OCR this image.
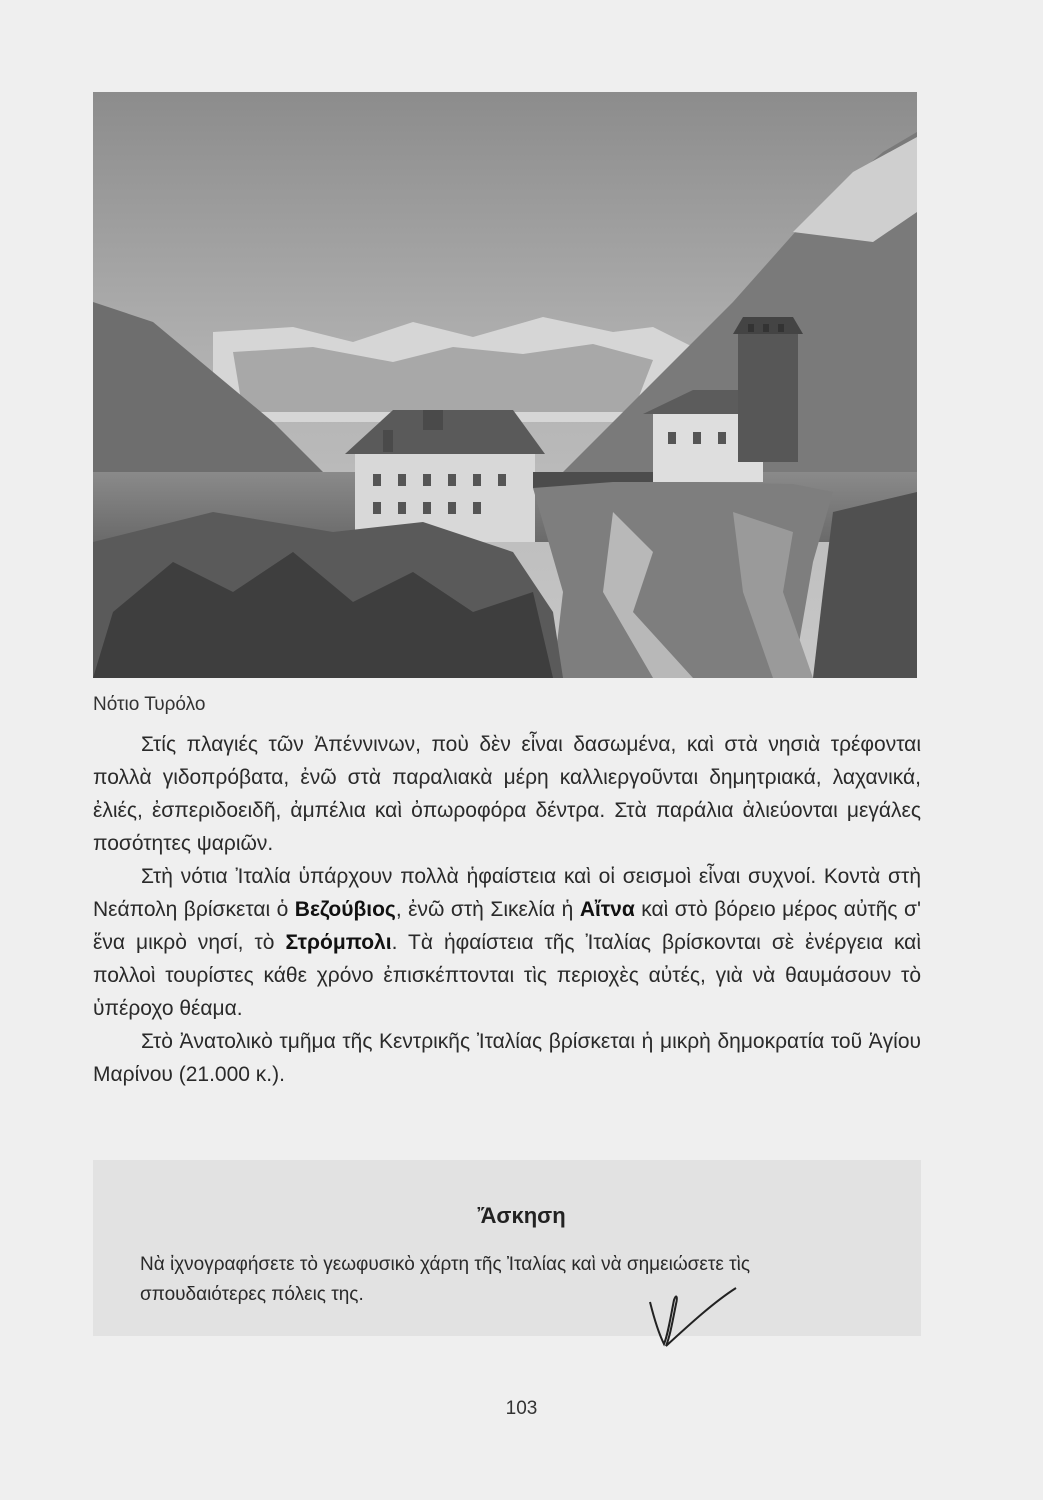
Νότιο Τυρόλο

Στίς πλαγιές τῶν Ἀπέννινων, ποὺ δὲν εἶναι δασωμένα, καὶ στὰ νησιὰ τρέφονται πολλὰ γιδοπρόβατα, ἐνῶ στὰ παραλιακὰ μέρη καλλιεργοῦνται δημητριακά, λαχανικά, ἐλιές, ἐσπεριδοειδῆ, ἀμπέλια καὶ ὀπωροφόρα δέντρα. Στὰ παράλια ἀλιεύονται μεγάλες ποσότητες ψαριῶν.

Στὴ νότια Ἰταλία ὑπάρχουν πολλὰ ἡφαίστεια καὶ οἱ σεισμοὶ εἶναι συχνοί. Κοντὰ στὴ Νεάπολη βρίσκεται ὁ Βεζούβιος, ἐνῶ στὴ Σικελία ἡ Αἴτνα καὶ στὸ βόρειο μέρος αὐτῆς σ' ἕνα μικρὸ νησί, τὸ Στρόμπολι. Τὰ ἡφαίστεια τῆς Ἰταλίας βρίσκονται σὲ ἐνέργεια καὶ πολλοὶ τουρίστες κάθε χρόνο ἐπισκέπτονται τὶς περιοχὲς αὐτές, γιὰ νὰ θαυμάσουν τὸ ὑπέροχο θέαμα.

Στὸ Ἀνατολικὸ τμῆμα τῆς Κεντρικῆς Ἰταλίας βρίσκεται ἡ μικρὴ δημοκρατία τοῦ Ἁγίου Μαρίνου (21.000 κ.).

Ἄσκηση
Νὰ ἰχνογραφήσετε τὸ γεωφυσικὸ χάρτη τῆς Ἰταλίας καὶ νὰ σημειώσετε τὶς σπουδαιότερες πόλεις της.
103
